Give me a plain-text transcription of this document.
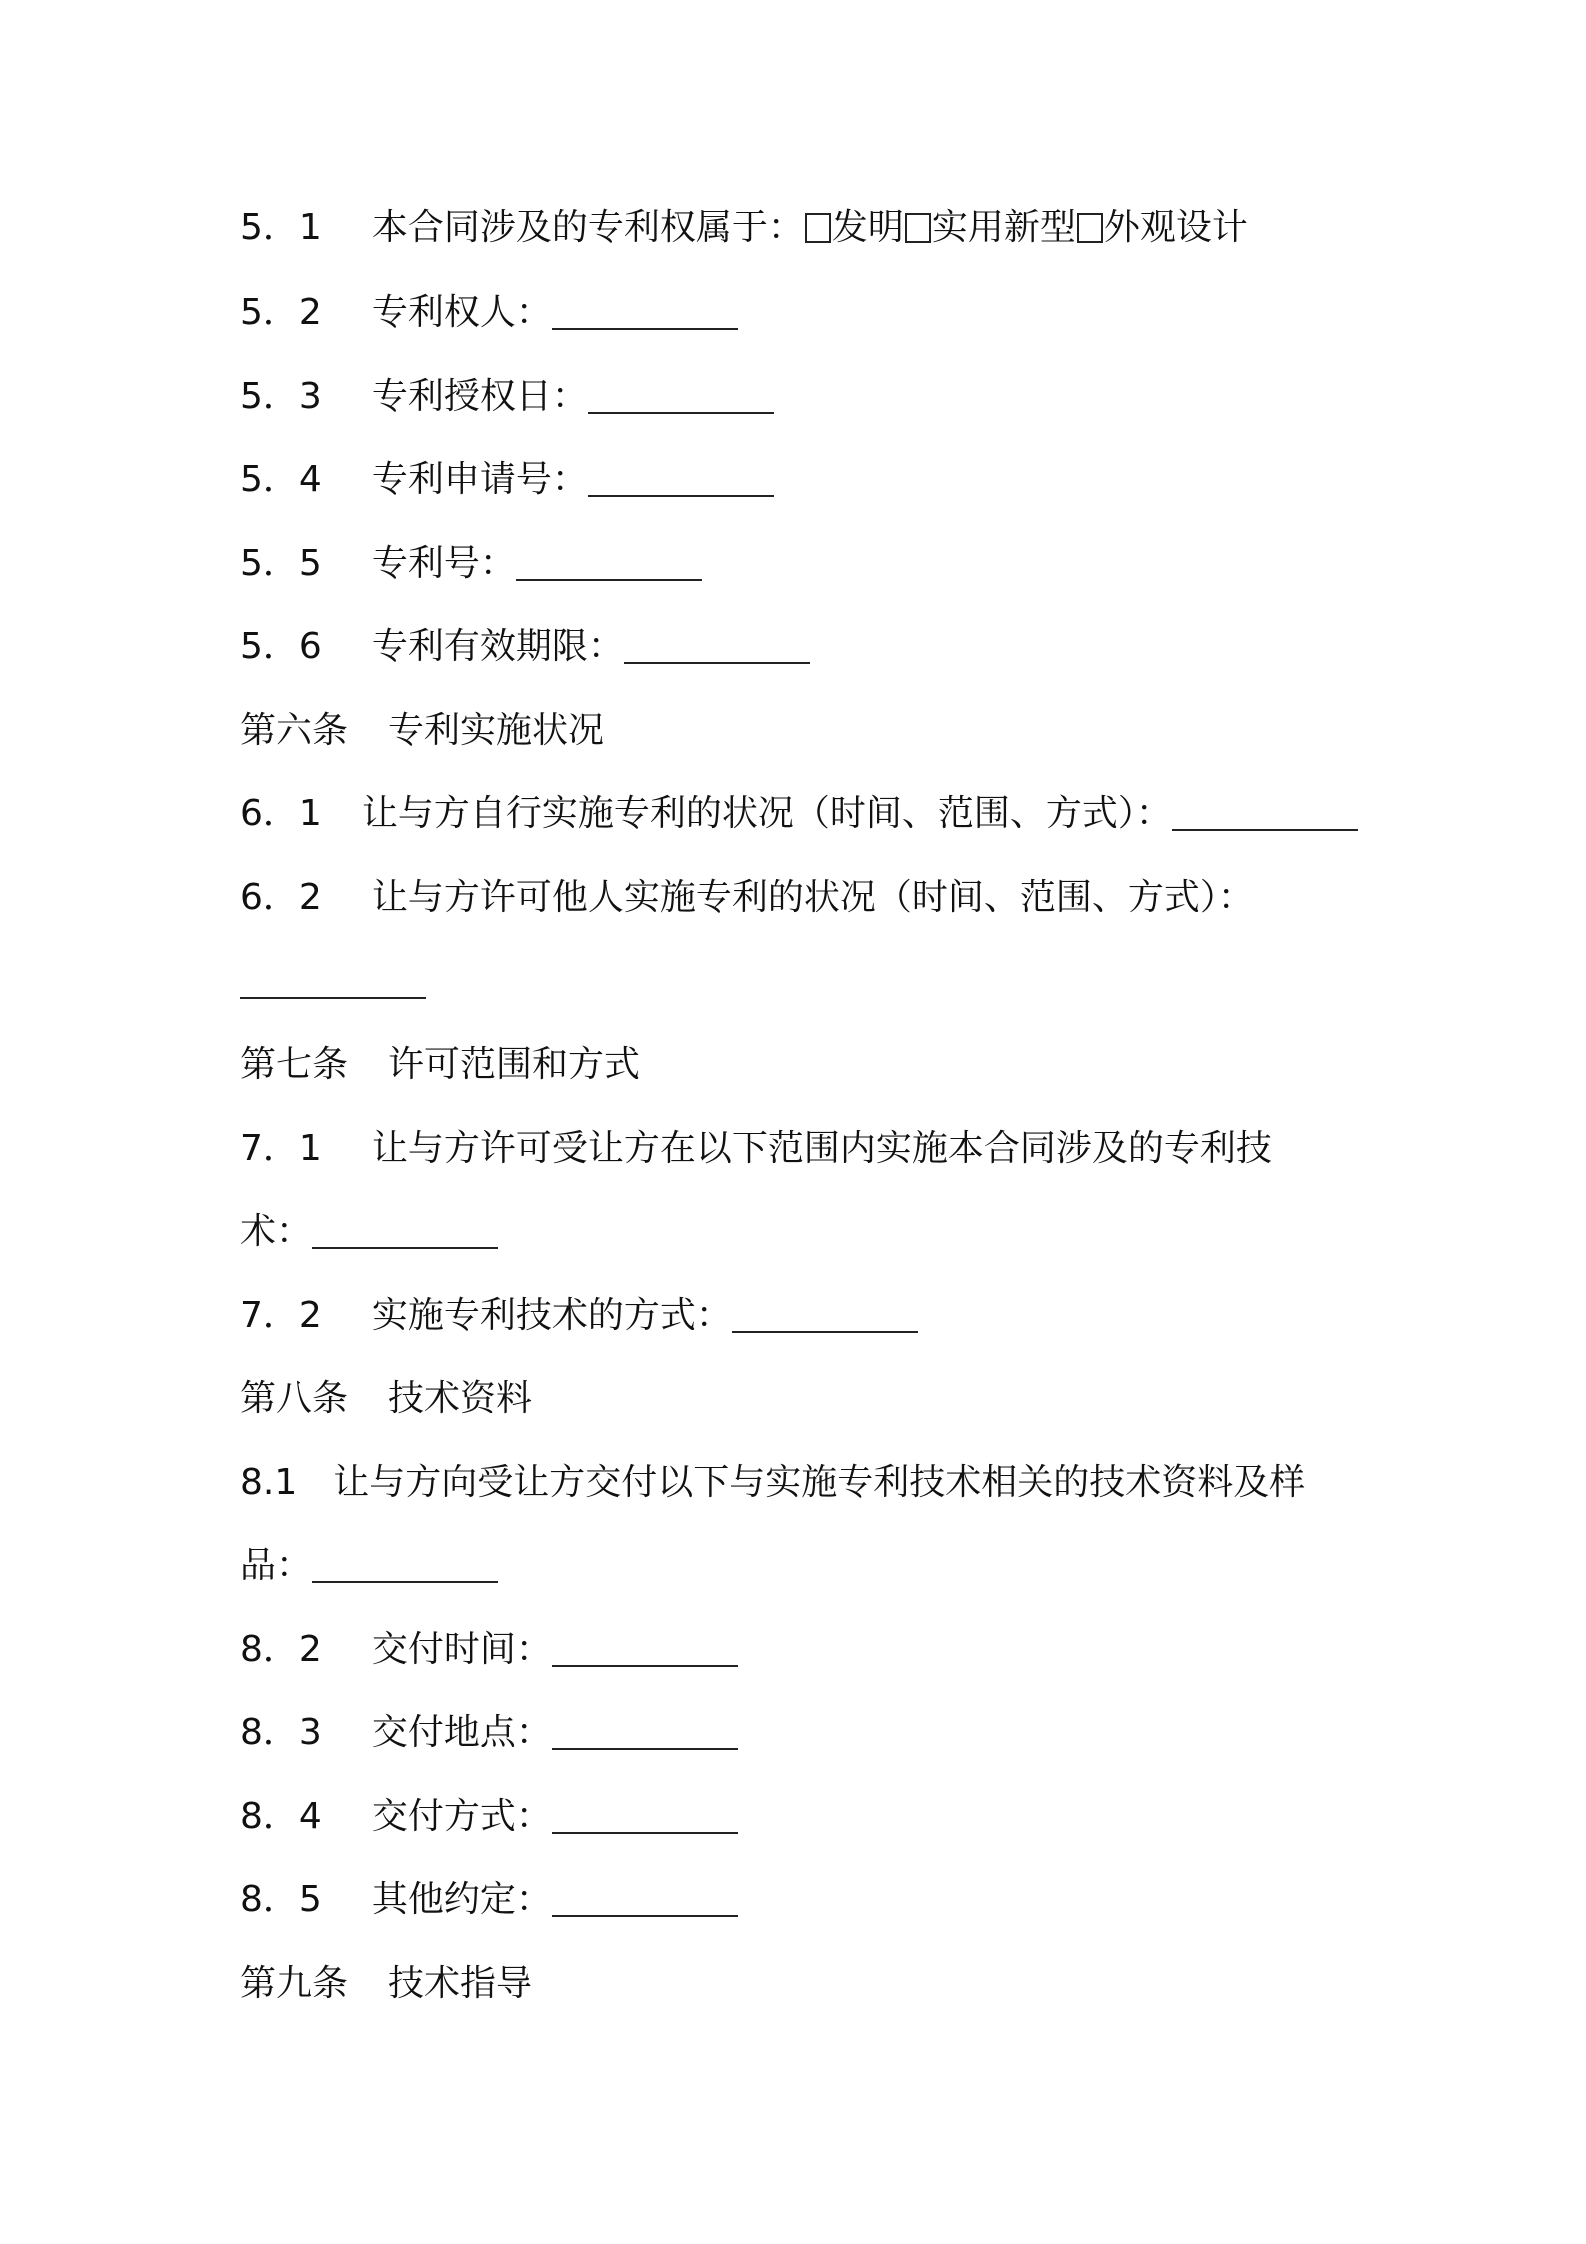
5．1 本合同涉及的专利权属于： 发明 实用新型 外观设计
5．2 专利权人：
5．3 专利授权日：
5．4 专利申请号：
5．5 专利号：
5．6 专利有效期限：
第六条 专利实施状况
6．1 让与方自行实施专利的状况（时间、范围、方式）：
6．2 让与方许可他人实施专利的状况（时间、范围、方式）：
第七条 许可范围和方式
7．1 让与方许可受让方在以下范围内实施本合同涉及的专利技
术：
7．2 实施专利技术的方式：
第八条 技术资料
8.1 让与方向受让方交付以下与实施专利技术相关的技术资料及样
品：
8．2 交付时间：
8．3 交付地点：
8．4 交付方式：
8．5 其他约定：
第九条 技术指导
